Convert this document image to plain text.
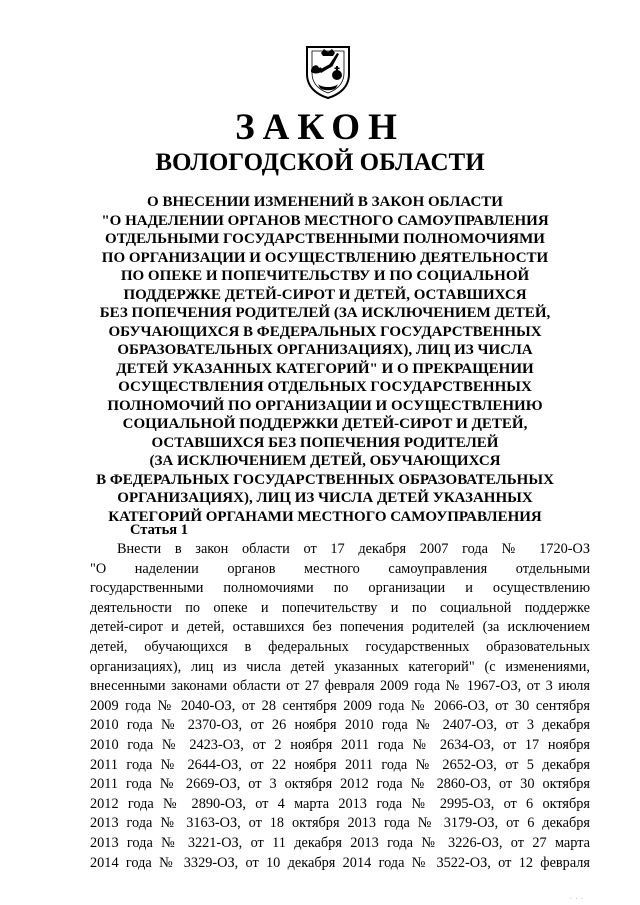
ЗАКОН
ВОЛОГОДСКОЙ ОБЛАСТИ
О ВНЕСЕНИИ ИЗМЕНЕНИЙ В ЗАКОН ОБЛАСТИ
"О НАДЕЛЕНИИ ОРГАНОВ МЕСТНОГО САМОУПРАВЛЕНИЯ
ОТДЕЛЬНЫМИ ГОСУДАРСТВЕННЫМИ ПОЛНОМОЧИЯМИ
ПО ОРГАНИЗАЦИИ И ОСУЩЕСТВЛЕНИЮ ДЕЯТЕЛЬНОСТИ
ПО ОПЕКЕ И ПОПЕЧИТЕЛЬСТВУ И ПО СОЦИАЛЬНОЙ
ПОДДЕРЖКЕ ДЕТЕЙ-СИРОТ И ДЕТЕЙ, ОСТАВШИХСЯ
БЕЗ ПОПЕЧЕНИЯ РОДИТЕЛЕЙ (ЗА ИСКЛЮЧЕНИЕМ ДЕТЕЙ,
ОБУЧАЮЩИХСЯ В ФЕДЕРАЛЬНЫХ ГОСУДАРСТВЕННЫХ
ОБРАЗОВАТЕЛЬНЫХ ОРГАНИЗАЦИЯХ), ЛИЦ ИЗ ЧИСЛА
ДЕТЕЙ УКАЗАННЫХ КАТЕГОРИЙ" И О ПРЕКРАЩЕНИИ
ОСУЩЕСТВЛЕНИЯ ОТДЕЛЬНЫХ ГОСУДАРСТВЕННЫХ
ПОЛНОМОЧИЙ ПО ОРГАНИЗАЦИИ И ОСУЩЕСТВЛЕНИЮ
СОЦИАЛЬНОЙ ПОДДЕРЖКИ ДЕТЕЙ-СИРОТ И ДЕТЕЙ,
ОСТАВШИХСЯ БЕЗ ПОПЕЧЕНИЯ РОДИТЕЛЕЙ
(ЗА ИСКЛЮЧЕНИЕМ ДЕТЕЙ, ОБУЧАЮЩИХСЯ
В ФЕДЕРАЛЬНЫХ ГОСУДАРСТВЕННЫХ ОБРАЗОВАТЕЛЬНЫХ
ОРГАНИЗАЦИЯХ), ЛИЦ ИЗ ЧИСЛА ДЕТЕЙ УКАЗАННЫХ
КАТЕГОРИЙ ОРГАНАМИ МЕСТНОГО САМОУПРАВЛЕНИЯ
Статья 1
Внести в закон области от 17 декабря 2007 года № 1720-ОЗ
"О наделении органов местного самоуправления отдельными
государственными полномочиями по организации и осуществлению
деятельности по опеке и попечительству и по социальной поддержке
детей-сирот и детей, оставшихся без попечения родителей (за исключением
детей, обучающихся в федеральных государственных образовательных
организациях), лиц из числа детей указанных категорий" (с изменениями,
внесенными законами области от 27 февраля 2009 года № 1967-ОЗ, от 3 июля
2009 года № 2040-ОЗ, от 28 сентября 2009 года № 2066-ОЗ, от 30 сентября
2010 года № 2370-ОЗ, от 26 ноября 2010 года № 2407-ОЗ, от 3 декабря
2010 года № 2423-ОЗ, от 2 ноября 2011 года № 2634-ОЗ, от 17 ноября
2011 года № 2644-ОЗ, от 22 ноября 2011 года № 2652-ОЗ, от 5 декабря
2011 года № 2669-ОЗ, от 3 октября 2012 года № 2860-ОЗ, от 30 октября
2012 года № 2890-ОЗ, от 4 марта 2013 года № 2995-ОЗ, от 6 октября
2013 года № 3163-ОЗ, от 18 октября 2013 года № 3179-ОЗ, от 6 декабря
2013 года № 3221-ОЗ, от 11 декабря 2013 года № 3226-ОЗ, от 27 марта
2014 года № 3329-ОЗ, от 10 декабря 2014 года № 3522-ОЗ, от 12 февраля
· · ·
